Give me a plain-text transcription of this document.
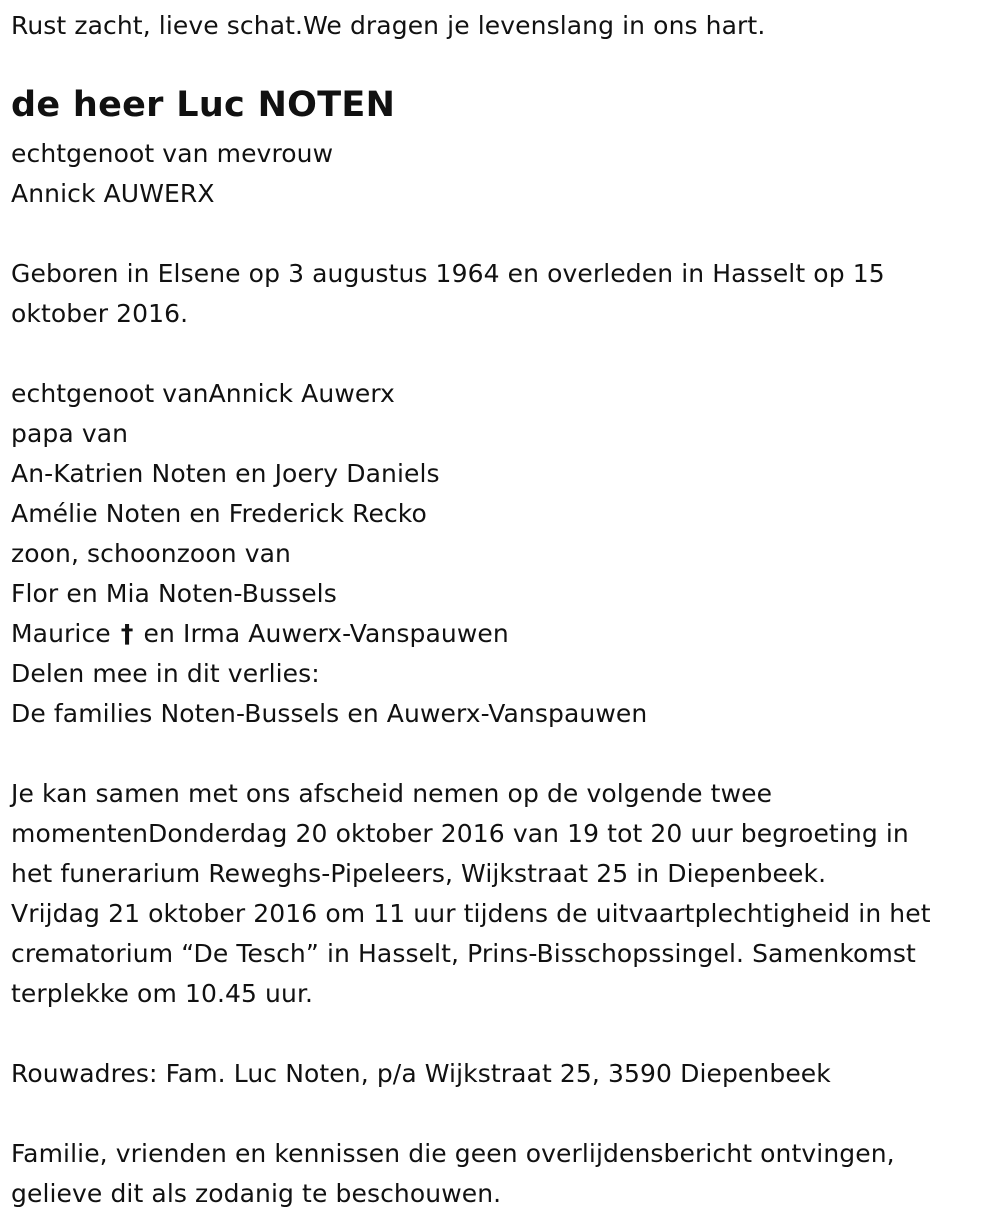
Rust zacht, lieve schat.We dragen je levenslang in ons hart.
de heer Luc NOTEN
echtgenoot van mevrouw
Annick AUWERX
Geboren in Elsene op 3 augustus 1964 en overleden in Hasselt op 15
oktober 2016.
echtgenoot vanAnnick Auwerx
papa van
An-Katrien Noten en Joery Daniels
Amélie Noten en Frederick Recko
zoon, schoonzoon van
Flor en Mia Noten-Bussels
Maurice † en Irma Auwerx-Vanspauwen
Delen mee in dit verlies:
De families Noten-Bussels en Auwerx-Vanspauwen
Je kan samen met ons afscheid nemen op de volgende twee
momentenDonderdag 20 oktober 2016 van 19 tot 20 uur begroeting in
het funerarium Reweghs-Pipeleers, Wijkstraat 25 in Diepenbeek.
Vrijdag 21 oktober 2016 om 11 uur tijdens de uitvaartplechtigheid in het
crematorium “De Tesch” in Hasselt, Prins-Bisschopssingel. Samenkomst
terplekke om 10.45 uur.
Rouwadres: Fam. Luc Noten, p/a Wijkstraat 25, 3590 Diepenbeek
Familie, vrienden en kennissen die geen overlijdensbericht ontvingen,
gelieve dit als zodanig te beschouwen.
